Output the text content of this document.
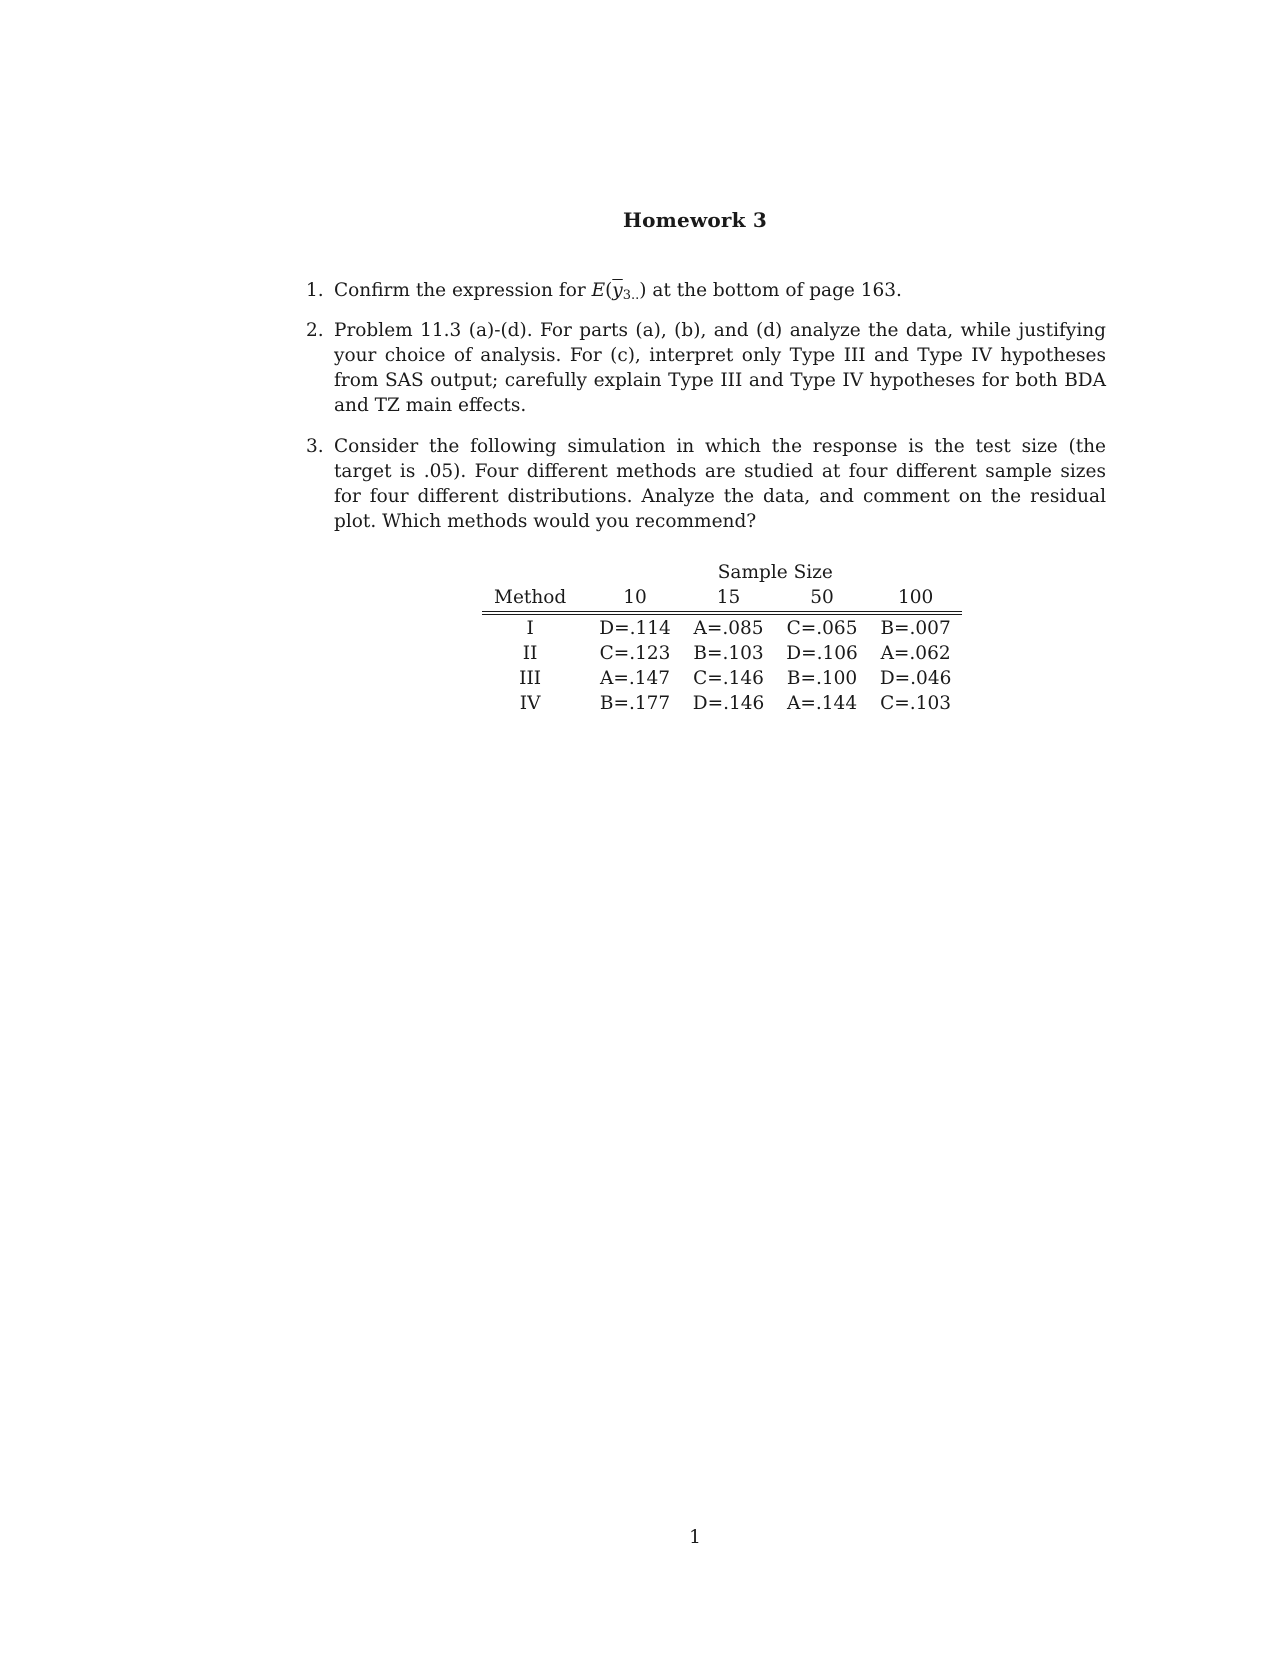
Homework 3
1. Confirm the expression for $E(\overline{y}_{3..})$ at the bottom of page 163.
2. Problem 11.3 (a)-(d). For parts (a), (b), and (d) analyze the data, while justifying your choice of analysis. For (c), interpret only Type III and Type IV hypotheses from SAS output; carefully explain Type III and Type IV hypotheses for both BDA and TZ main effects.
3. Consider the following simulation in which the response is the test size (the target is .05). Four different methods are studied at four different sample sizes for four different distributions. Analyze the data, and comment on the residual plot. Which methods would you recommend?
	Sample Size			
Method	10	15	50	100
I	D=.114	A=.085	C=.065	B=.007
II	C=.123	B=.103	D=.106	A=.062
III	A=.147	C=.146	B=.100	D=.046
IV	B=.177	D=.146	A=.144	C=.103
1
